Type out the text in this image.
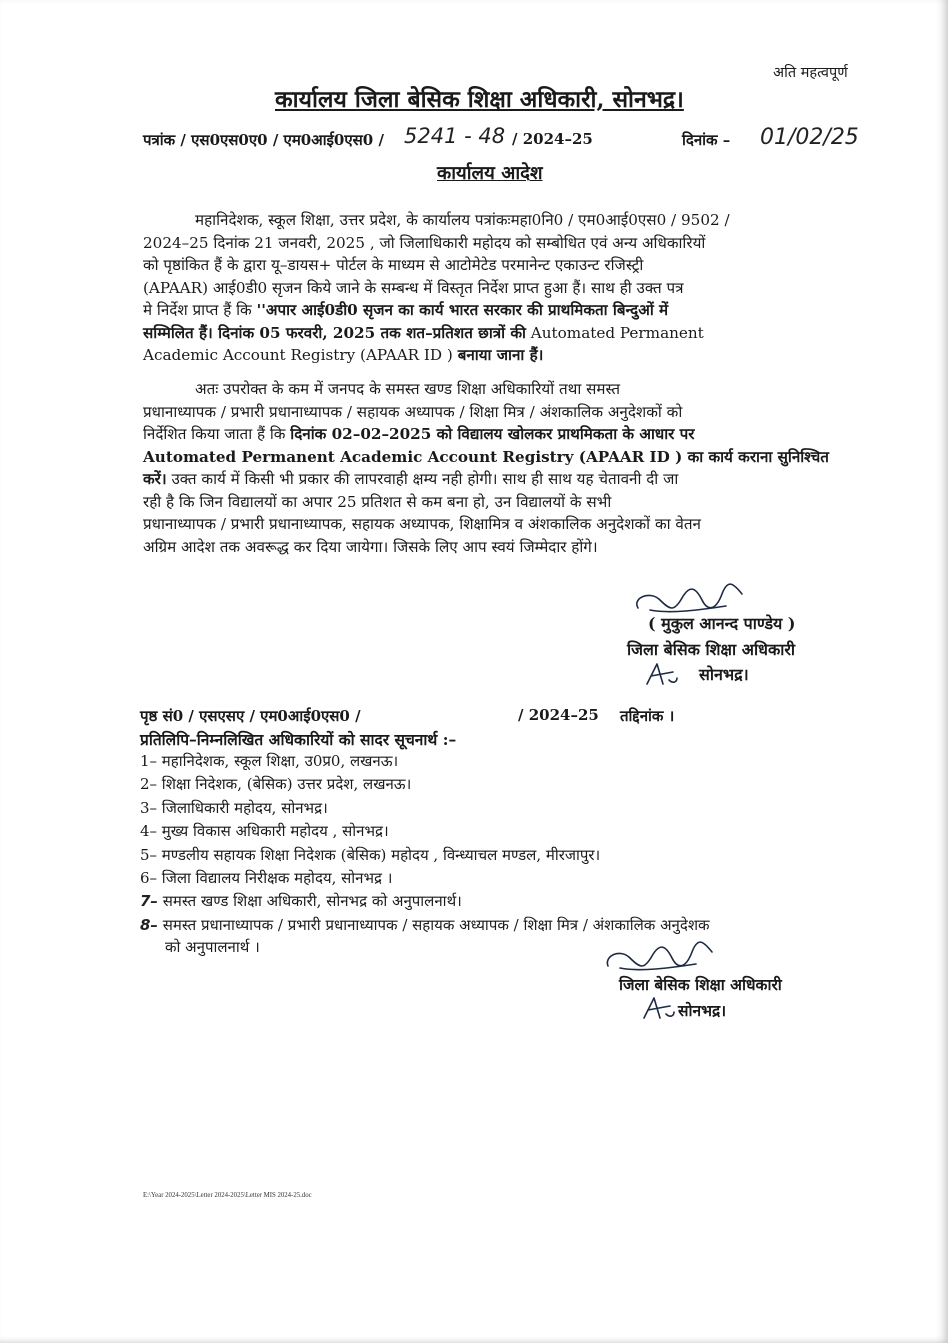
अति महत्वपूर्ण
कार्यालय जिला बेसिक शिक्षा अधिकारी, सोनभद्र।
पत्रांक / एस0एस0ए0 / एम0आई0एस0 / 5241 - 48 / 2024–25	दिनांक – 01/02/25
कार्यालय आदेश
महानिदेशक, स्कूल शिक्षा, उत्तर प्रदेश, के कार्यालय पत्रांकःमहा0नि0 / एम0आई0एस0 / 9502 /
2024–25 दिनांक 21 जनवरी, 2025 , जो जिलाधिकारी महोदय को सम्बोधित एवं अन्य अधिकारियों
को पृष्ठांकित हैं के द्वारा यू–डायस+ पोर्टल के माध्यम से आटोमेटेड परमानेन्ट एकाउन्ट रजिस्ट्री
(APAAR) आई0डी0 सृजन किये जाने के सम्बन्ध में विस्तृत निर्देश प्राप्त हुआ हैं। साथ ही उक्त पत्र
मे निर्देश प्राप्त हैं कि ''अपार आई0डी0 सृजन का कार्य भारत सरकार की प्राथमिकता बिन्दुओं में
सम्मिलित हैं। दिनांक 05 फरवरी, 2025 तक शत–प्रतिशत छात्रों की Automated Permanent
Academic Account Registry (APAAR ID ) बनाया जाना हैं।
अतः उपरोक्त के कम में जनपद के समस्त खण्ड शिक्षा अधिकारियों तथा समस्त
प्रधानाध्यापक / प्रभारी प्रधानाध्यापक / सहायक अध्यापक / शिक्षा मित्र / अंशकालिक अनुदेशकों को
निर्देशित किया जाता हैं कि दिनांक 02–02–2025 को विद्यालय खोलकर प्राथमिकता के आधार पर
Automated Permanent Academic Account Registry (APAAR ID ) का कार्य कराना सुनिश्चित
करें। उक्त कार्य में किसी भी प्रकार की लापरवाही क्षम्य नही होगी। साथ ही साथ यह चेतावनी दी जा
रही है कि जिन विद्यालयों का अपार 25 प्रतिशत से कम बना हो, उन विद्यालयों के सभी
प्रधानाध्यापक / प्रभारी प्रधानाध्यापक, सहायक अध्यापक, शिक्षामित्र व अंशकालिक अनुदेशकों का वेतन
अग्रिम आदेश तक अवरूद्ध कर दिया जायेगा। जिसके लिए आप स्वयं जिम्मेदार होंगे।
( मुकुल आनन्द पाण्डेय )
जिला बेसिक शिक्षा अधिकारी
सोनभद्र।
पृष्ठ सं0 / एसएसए / एम0आई0एस0 /	/ 2024–25 तद्दिनांक ।
प्रतिलिपि–निम्नलिखित अधिकारियों को सादर सूचनार्थ :–
1– महानिदेशक, स्कूल शिक्षा, उ0प्र0, लखनऊ।
2– शिक्षा निदेशक, (बेसिक) उत्तर प्रदेश, लखनऊ।
3– जिलाधिकारी महोदय, सोनभद्र।
4– मुख्य विकास अधिकारी महोदय , सोनभद्र।
5– मण्डलीय सहायक शिक्षा निदेशक (बेसिक) महोदय , विन्ध्याचल मण्डल, मीरजापुर।
6– जिला विद्यालय निरीक्षक महोदय, सोनभद्र ।
7– समस्त खण्ड शिक्षा अधिकारी, सोनभद्र को अनुपालनार्थ।
8– समस्त प्रधानाध्यापक / प्रभारी प्रधानाध्यापक / सहायक अध्यापक / शिक्षा मित्र / अंशकालिक अनुदेशक
को अनुपालनार्थ ।
जिला बेसिक शिक्षा अधिकारी
सोनभद्र।
E:\Year 2024-2025\Letter 2024-2025\Letter MIS 2024-25.doc
